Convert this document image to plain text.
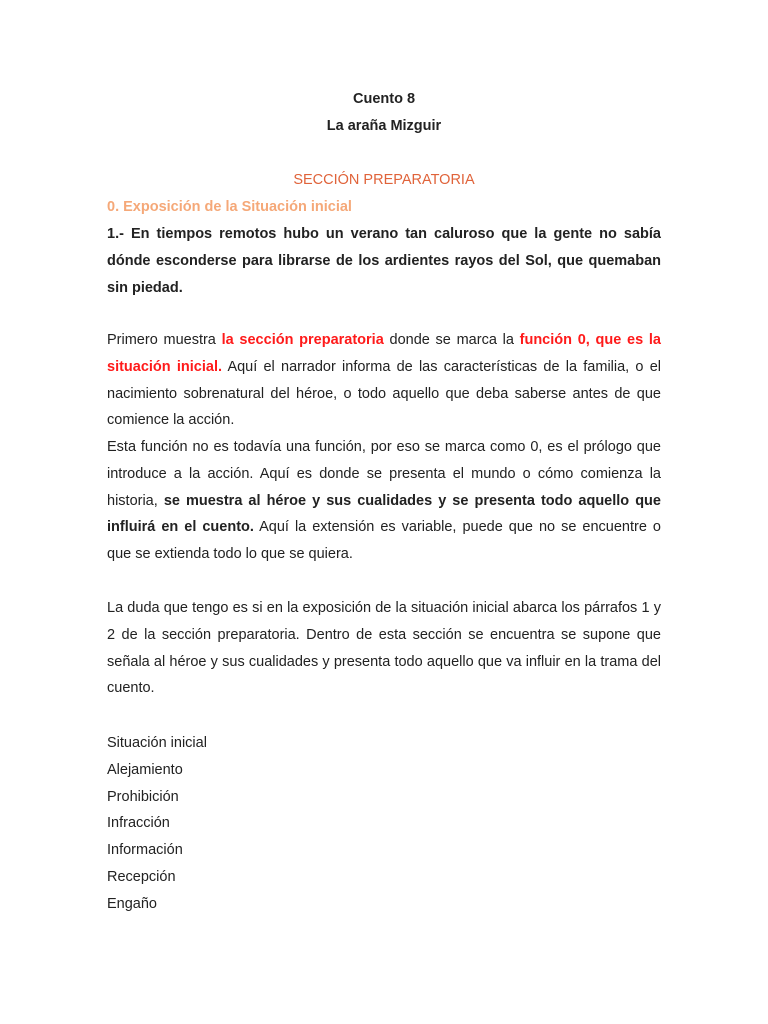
Cuento 8
La araña Mizguir
SECCIÓN PREPARATORIA
0. Exposición de la Situación inicial
1.- En tiempos remotos hubo un verano tan caluroso que la gente no sabía dónde esconderse para librarse de los ardientes rayos del Sol, que quemaban sin piedad.
Primero muestra la sección preparatoria donde se marca la función 0, que es la situación inicial. Aquí el narrador informa de las características de la familia, o el nacimiento sobrenatural del héroe, o todo aquello que deba saberse antes de que comience la acción.
Esta función no es todavía una función, por eso se marca como 0, es el prólogo que introduce a la acción. Aquí es donde se presenta el mundo o cómo comienza la historia, se muestra al héroe y sus cualidades y se presenta todo aquello que influirá en el cuento. Aquí la extensión es variable, puede que no se encuentre o que se extienda todo lo que se quiera.
La duda que tengo es si en la exposición de la situación inicial abarca los párrafos 1 y 2 de la sección preparatoria. Dentro de esta sección se encuentra se supone que señala al héroe y sus cualidades y presenta todo aquello que va influir en la trama del cuento.
Situación inicial
Alejamiento
Prohibición
Infracción
Información
Recepción
Engaño
